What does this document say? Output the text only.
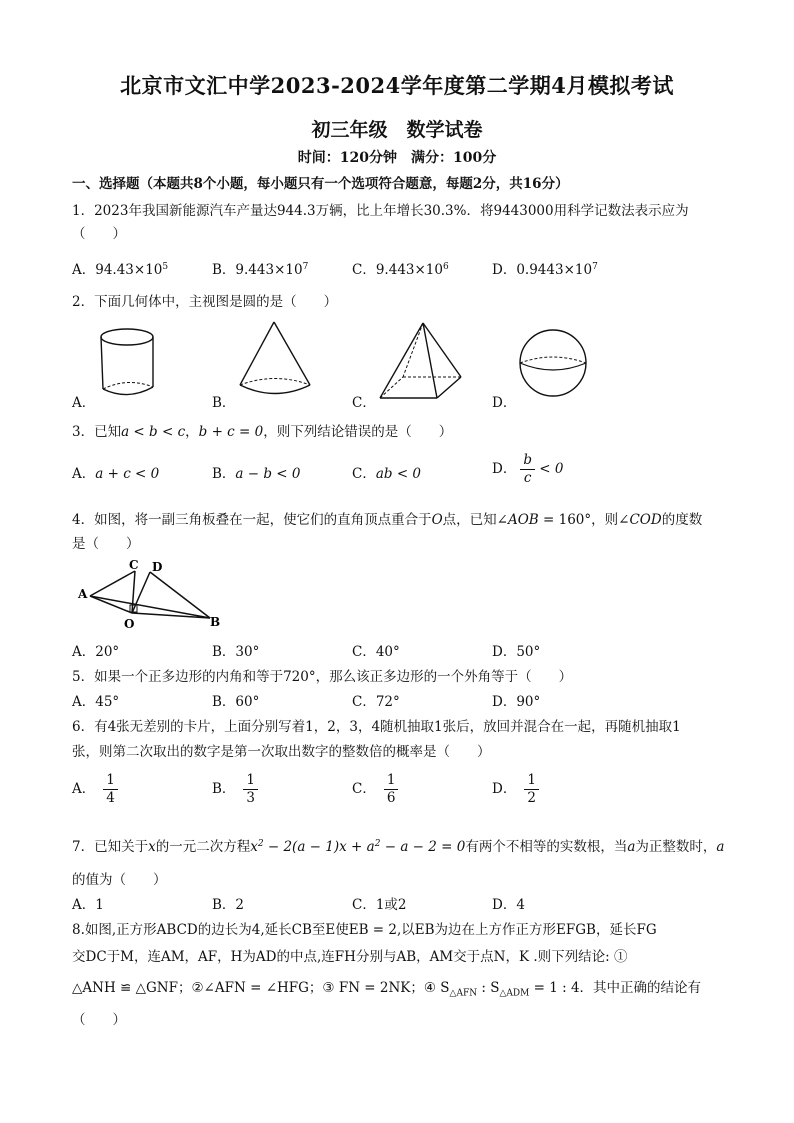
北京市文汇中学2023-2024学年度第二学期4月模拟考试
初三年级　数学试卷
时间：120分钟　满分：100分
一、选择题（本题共8个小题，每小题只有一个选项符合题意，每题2分，共16分）
1．2023年我国新能源汽车产量达944.3万辆，比上年增长30.3%．将9443000用科学记数法表示应为
（　　）
A．$94.43\times 10^5$	B．$9.443\times 10^7$	C．$9.443\times 10^6$	D．$0.9443\times 10^7$
2．下面几何体中，主视图是圆的是（　　）
A．	B．	C．	D．
3．已知a < b < c，b + c = 0，则下列结论错误的是（　　）
A．a + c < 0	B．a − b < 0	C．ab < 0	D． $\frac{b}{c} < 0$
4．如图，将一副三角板叠在一起，使它们的直角顶点重合于O点，已知∠AOB = 160°，则∠COD的度数
是（　　）
A
B
C D
O
A．20°	B．30°	C．40°	D．50°
5．如果一个正多边形的内角和等于720°，那么该正多边形的一个外角等于（　　）
A．45°	B．60°	C．72°	D．90°
6．有4张无差别的卡片，上面分别写着1，2，3，4随机抽取1张后，放回并混合在一起，再随机抽取1
张，则第二次取出的数字是第一次取出数字的整数倍的概率是（　　）
A． $\frac{1}{4}$	B． $\frac{1}{3}$	C． $\frac{1}{6}$	D． $\frac{1}{2}$
7．已知关于x的一元二次方程$x^2 - 2(a - 1)x + a^2 - a - 2 = 0$有两个不相等的实数根，当a为正整数时，a
的值为（　　）
A．1	B．2	C．1或2	D．4
8.如图,正方形ABCD的边长为4,延长CB至E使EB = 2,以EB为边在上方作正方形EFGB，延长FG
交DC于M，连AM，AF，H为AD的中点,连FH分别与AB，AM交于点N，K .则下列结论: ①
△ANH ≌ △GNF；②∠AFN = ∠HFG；③ FN = 2NK；④ $S_{\triangle AFN}$ : $S_{\triangle ADM} = 1$ : 4．其中正确的结论有
（　　）
